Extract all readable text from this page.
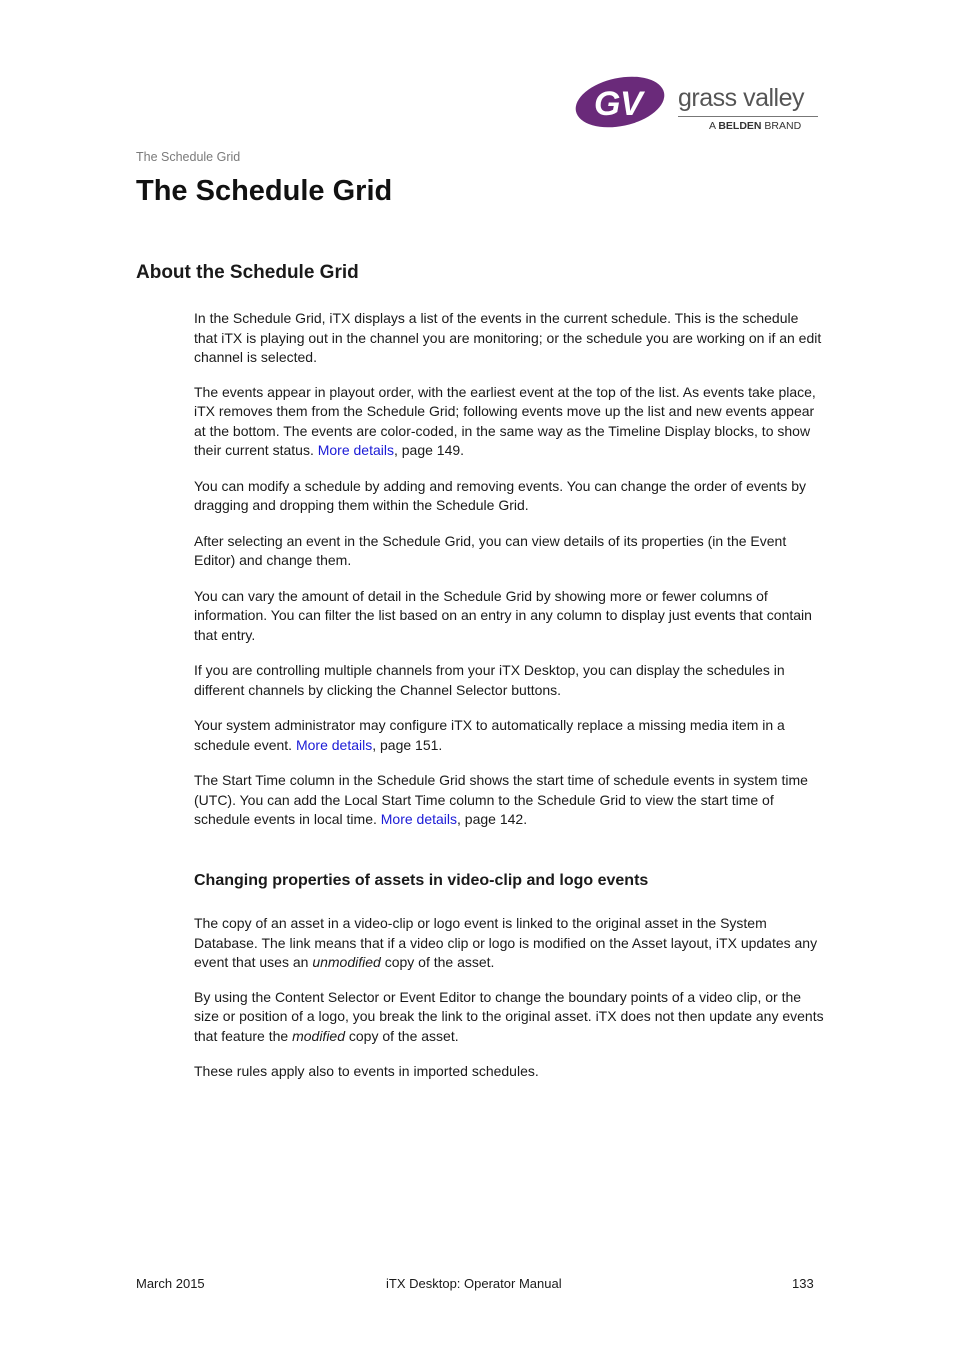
G V grass valley
A BELDEN BRAND
The Schedule Grid
The Schedule Grid
About the Schedule Grid

In the Schedule Grid, iTX displays a list of the events in the current schedule. This is the schedule that iTX is playing out in the channel you are monitoring; or the schedule you are working on if an edit channel is selected.

The events appear in playout order, with the earliest event at the top of the list. As events take place, iTX removes them from the Schedule Grid; following events move up the list and new events appear at the bottom. The events are color-coded, in the same way as the Timeline Display blocks, to show their current status. More details, page 149.

You can modify a schedule by adding and removing events. You can change the order of events by dragging and dropping them within the Schedule Grid.

After selecting an event in the Schedule Grid, you can view details of its properties (in the Event Editor) and change them.

You can vary the amount of detail in the Schedule Grid by showing more or fewer columns of information. You can filter the list based on an entry in any column to display just events that contain that entry.

If you are controlling multiple channels from your iTX Desktop, you can display the schedules in different channels by clicking the Channel Selector buttons.

Your system administrator may configure iTX to automatically replace a missing media item in a schedule event. More details, page 151.

The Start Time column in the Schedule Grid shows the start time of schedule events in system time (UTC). You can add the Local Start Time column to the Schedule Grid to view the start time of schedule events in local time. More details, page 142.

Changing properties of assets in video-clip and logo events

The copy of an asset in a video-clip or logo event is linked to the original asset in the System Database. The link means that if a video clip or logo is modified on the Asset layout, iTX updates any event that uses an unmodified copy of the asset.

By using the Content Selector or Event Editor to change the boundary points of a video clip, or the size or position of a logo, you break the link to the original asset. iTX does not then update any events that feature the modified copy of the asset.

These rules apply also to events in imported schedules.

March 2015	iTX Desktop: Operator Manual	133
